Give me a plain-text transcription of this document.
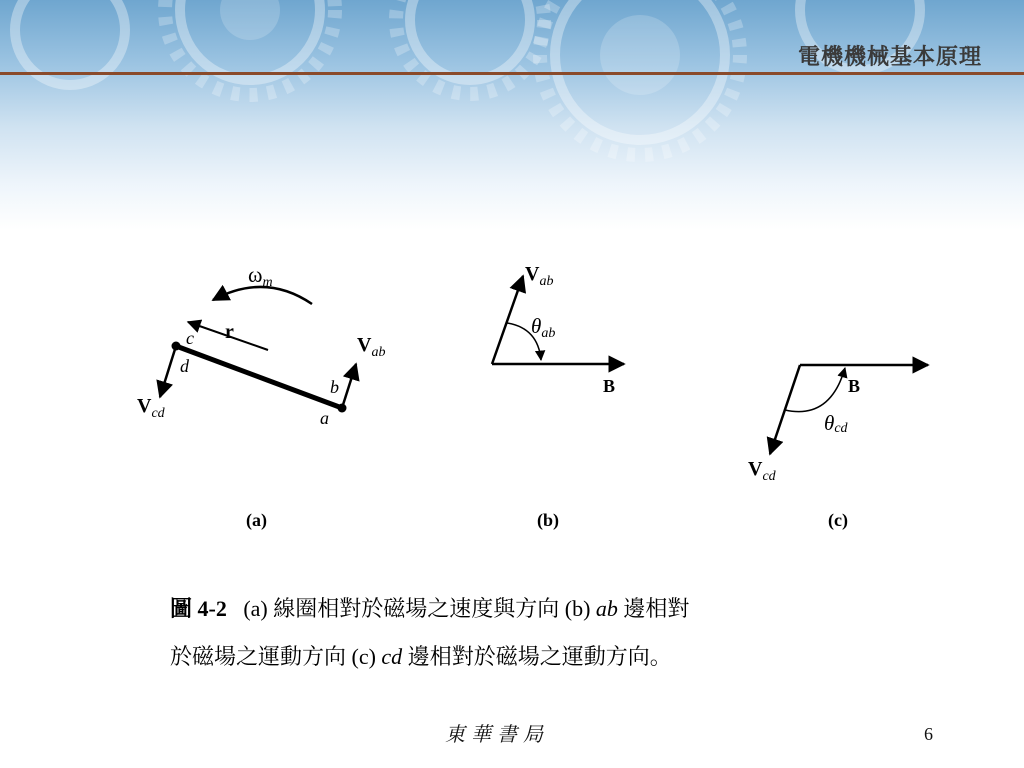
電機機械基本原理
ωm
r
c
d
b
a
$V_{ab}$
$V_{cd}$
(a)
$V_{ab}$
θab
B
(b)
B
θcd
$V_{cd}$
(c)
圖 4-2 (a) 線圈相對於磁場之速度與方向 (b) ab 邊相對
於磁場之運動方向 (c) cd 邊相對於磁場之運動方向。
東華書局	6
